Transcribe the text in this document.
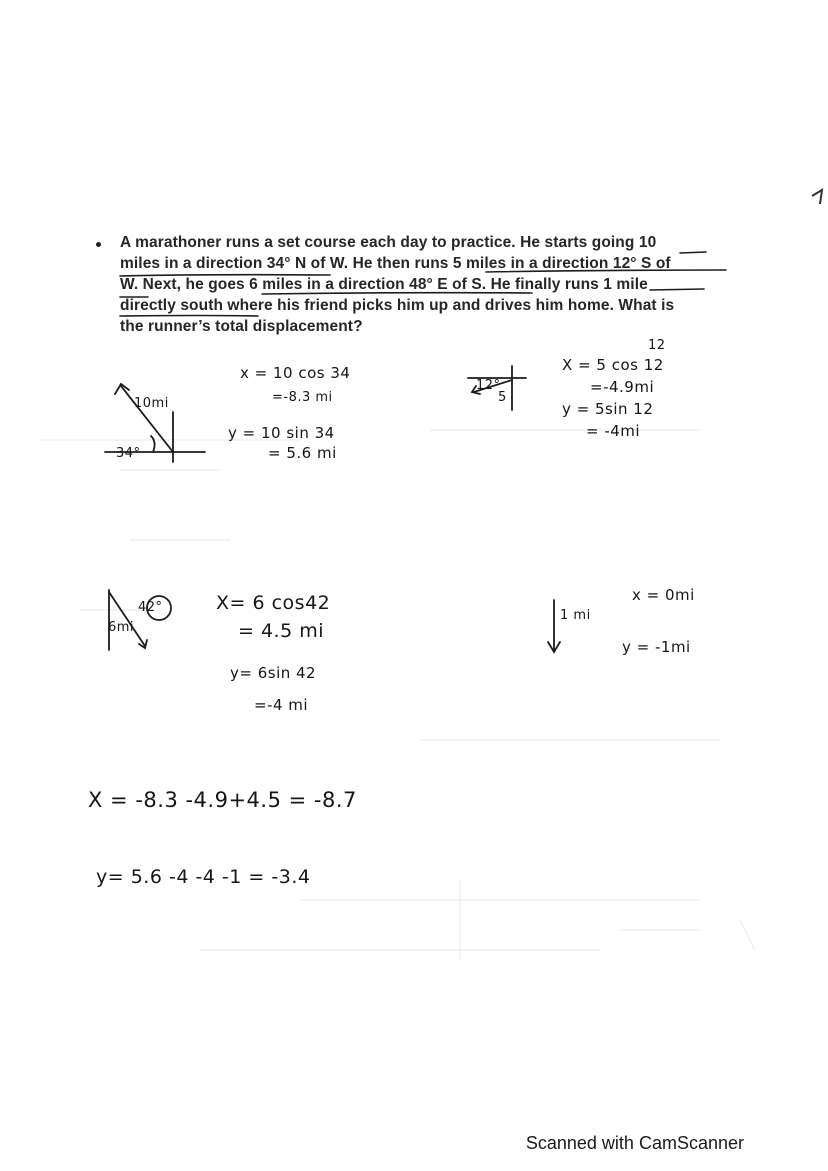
A marathoner runs a set course each day to practice. He starts going 10
miles in a direction 34° N of W. He then runs 5 miles in a direction 12° S of
W. Next, he goes 6 miles in a direction 48° E of S. He finally runs 1 mile
directly south where his friend picks him up and drives him home. What is
the runner’s total displacement?
10mi
34°
x = 10 cos 34
=-8.3 mi
y = 10 sin 34
= 5.6 mi
12°
5
12
X = 5 cos 12
=-4.9mi
y = 5sin 12
= -4mi
42°
6mi
X= 6 cos42
= 4.5 mi
y= 6sin 42
=-4 mi
1 mi
x = 0mi
y = -1mi
X = -8.3 -4.9+4.5 = -8.7
y= 5.6 -4 -4 -1 = -3.4
Scanned with CamScanner
